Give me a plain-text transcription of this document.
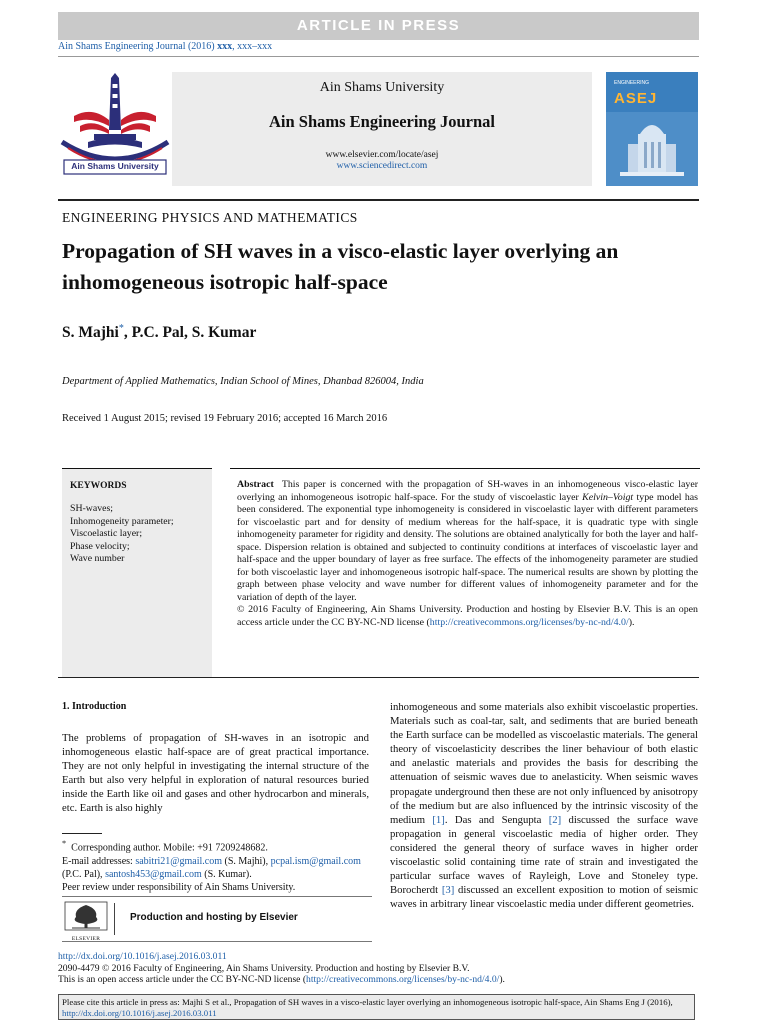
ARTICLE IN PRESS
Ain Shams Engineering Journal (2016) xxx, xxx–xxx
Ain Shams University
Ain Shams University
Ain Shams Engineering Journal
www.elsevier.com/locate/asej
www.sciencedirect.com
ENGINEERING
ASEJ
ENGINEERING PHYSICS AND MATHEMATICS
Propagation of SH waves in a visco-elastic layer overlying an inhomogeneous isotropic half-space
S. Majhi*, P.C. Pal, S. Kumar
Department of Applied Mathematics, Indian School of Mines, Dhanbad 826004, India
Received 1 August 2015; revised 19 February 2016; accepted 16 March 2016
KEYWORDS
SH-waves;
Inhomogeneity parameter;
Viscoelastic layer;
Phase velocity;
Wave number
Abstract This paper is concerned with the propagation of SH-waves in an inhomogeneous visco-elastic layer overlying an inhomogeneous isotropic half-space. For the study of viscoelastic layer Kelvin–Voigt type model has been considered. The exponential type inhomogeneity is considered in viscoelastic layer with different parameters for viscoelastic part and for density of medium whereas for the half-space, it is quadratic type with single inhomogeneity parameter for rigidity and density. The solutions are obtained analytically for both the layer and half-space. Dispersion relation is obtained and subjected to continuity conditions at interfaces of viscoelastic layer and half-space and the upper boundary of layer as free surface. The effects of the inhomogeneity parameter are studied for both viscoelastic layer and inhomogeneous isotropic half-space. The numerical results are shown by plotting the graph between phase velocity and wave number for different values of inhomogeneity parameter and for the variation of depth of the layer.
© 2016 Faculty of Engineering, Ain Shams University. Production and hosting by Elsevier B.V. This is an open access article under the CC BY-NC-ND license (http://creativecommons.org/licenses/by-nc-nd/4.0/).
1. Introduction
The problems of propagation of SH-waves in an isotropic and inhomogeneous elastic half-space are of great practical importance. They are not only helpful in investigating the internal structure of the Earth but also very helpful in exploration of natural resources buried inside the Earth like oil and gases and other hydrocarbon and minerals, etc. Earth is also highly
inhomogeneous and some materials also exhibit viscoelastic properties. Materials such as coal-tar, salt, and sediments that are buried beneath the Earth surface can be modelled as viscoelastic materials. The general theory of viscoelasticity describes the liner behaviour of both elastic and anelastic materials and provides the basis for describing the attenuation of seismic waves due to anelasticity. When seismic waves propagate underground then these are not only influenced by anisotropy of the medium but are also influenced by the intrinsic viscosity of the medium [1]. Das and Sengupta [2] discussed the surface wave propagation in general viscoelastic media of higher order. They considered the general theory of surface waves in higher order viscoelastic solid containing time rate of strain and investigated the particular surface waves of Rayleigh, Love and Stoneley type. Borocherdt [3] discussed an excellent exposition to motion of seismic waves in arbitrary linear viscoelastic media under different geometries.
* Corresponding author. Mobile: +91 7209248682.
E-mail addresses: sabitri21@gmail.com (S. Majhi), pcpal.ism@gmail.com (P.C. Pal), santosh453@gmail.com (S. Kumar).
Peer review under responsibility of Ain Shams University.
ELSEVIER
Production and hosting by Elsevier
http://dx.doi.org/10.1016/j.asej.2016.03.011
2090-4479 © 2016 Faculty of Engineering, Ain Shams University. Production and hosting by Elsevier B.V.
This is an open access article under the CC BY-NC-ND license (http://creativecommons.org/licenses/by-nc-nd/4.0/).
Please cite this article in press as: Majhi S et al., Propagation of SH waves in a visco-elastic layer overlying an inhomogeneous isotropic half-space, Ain Shams Eng J (2016), http://dx.doi.org/10.1016/j.asej.2016.03.011
